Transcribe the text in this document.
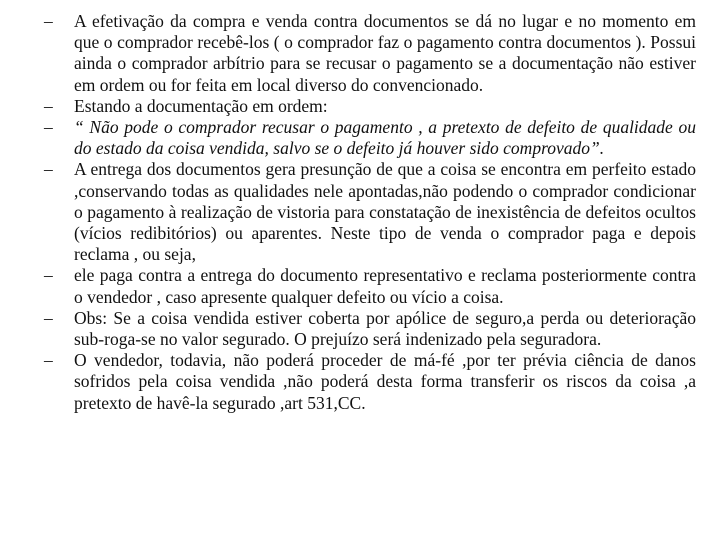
–	A efetivação da compra e venda contra documentos se dá no lugar e no momento em que o comprador recebê-los ( o comprador faz o pagamento contra documentos ). Possui ainda o comprador arbítrio para se recusar o pagamento se a documentação não estiver em ordem ou for feita em local diverso do convencionado.
–	Estando a documentação em ordem:
–	“ Não pode o comprador recusar o pagamento , a pretexto de defeito de qualidade ou do estado da coisa vendida, salvo se o defeito já houver sido comprovado”.
–	A entrega dos documentos gera presunção de que a coisa se encontra em perfeito estado ,conservando todas as qualidades nele apontadas,não podendo o comprador condicionar o pagamento à realização de vistoria para constatação de inexistência de defeitos ocultos (vícios redibitórios) ou aparentes. Neste tipo de venda o comprador paga e depois reclama , ou seja,
–	ele paga contra a entrega do documento representativo e reclama posteriormente contra o vendedor , caso apresente qualquer defeito ou vício a coisa.
–	Obs: Se a coisa vendida estiver coberta por apólice de seguro,a perda ou deterioração sub-roga-se no valor segurado. O prejuízo será indenizado pela seguradora.
–	O vendedor, todavia, não poderá proceder de má-fé ,por ter prévia ciência de danos sofridos pela coisa vendida ,não poderá desta forma transferir os riscos da coisa ,a pretexto de havê-la segurado ,art 531,CC.
